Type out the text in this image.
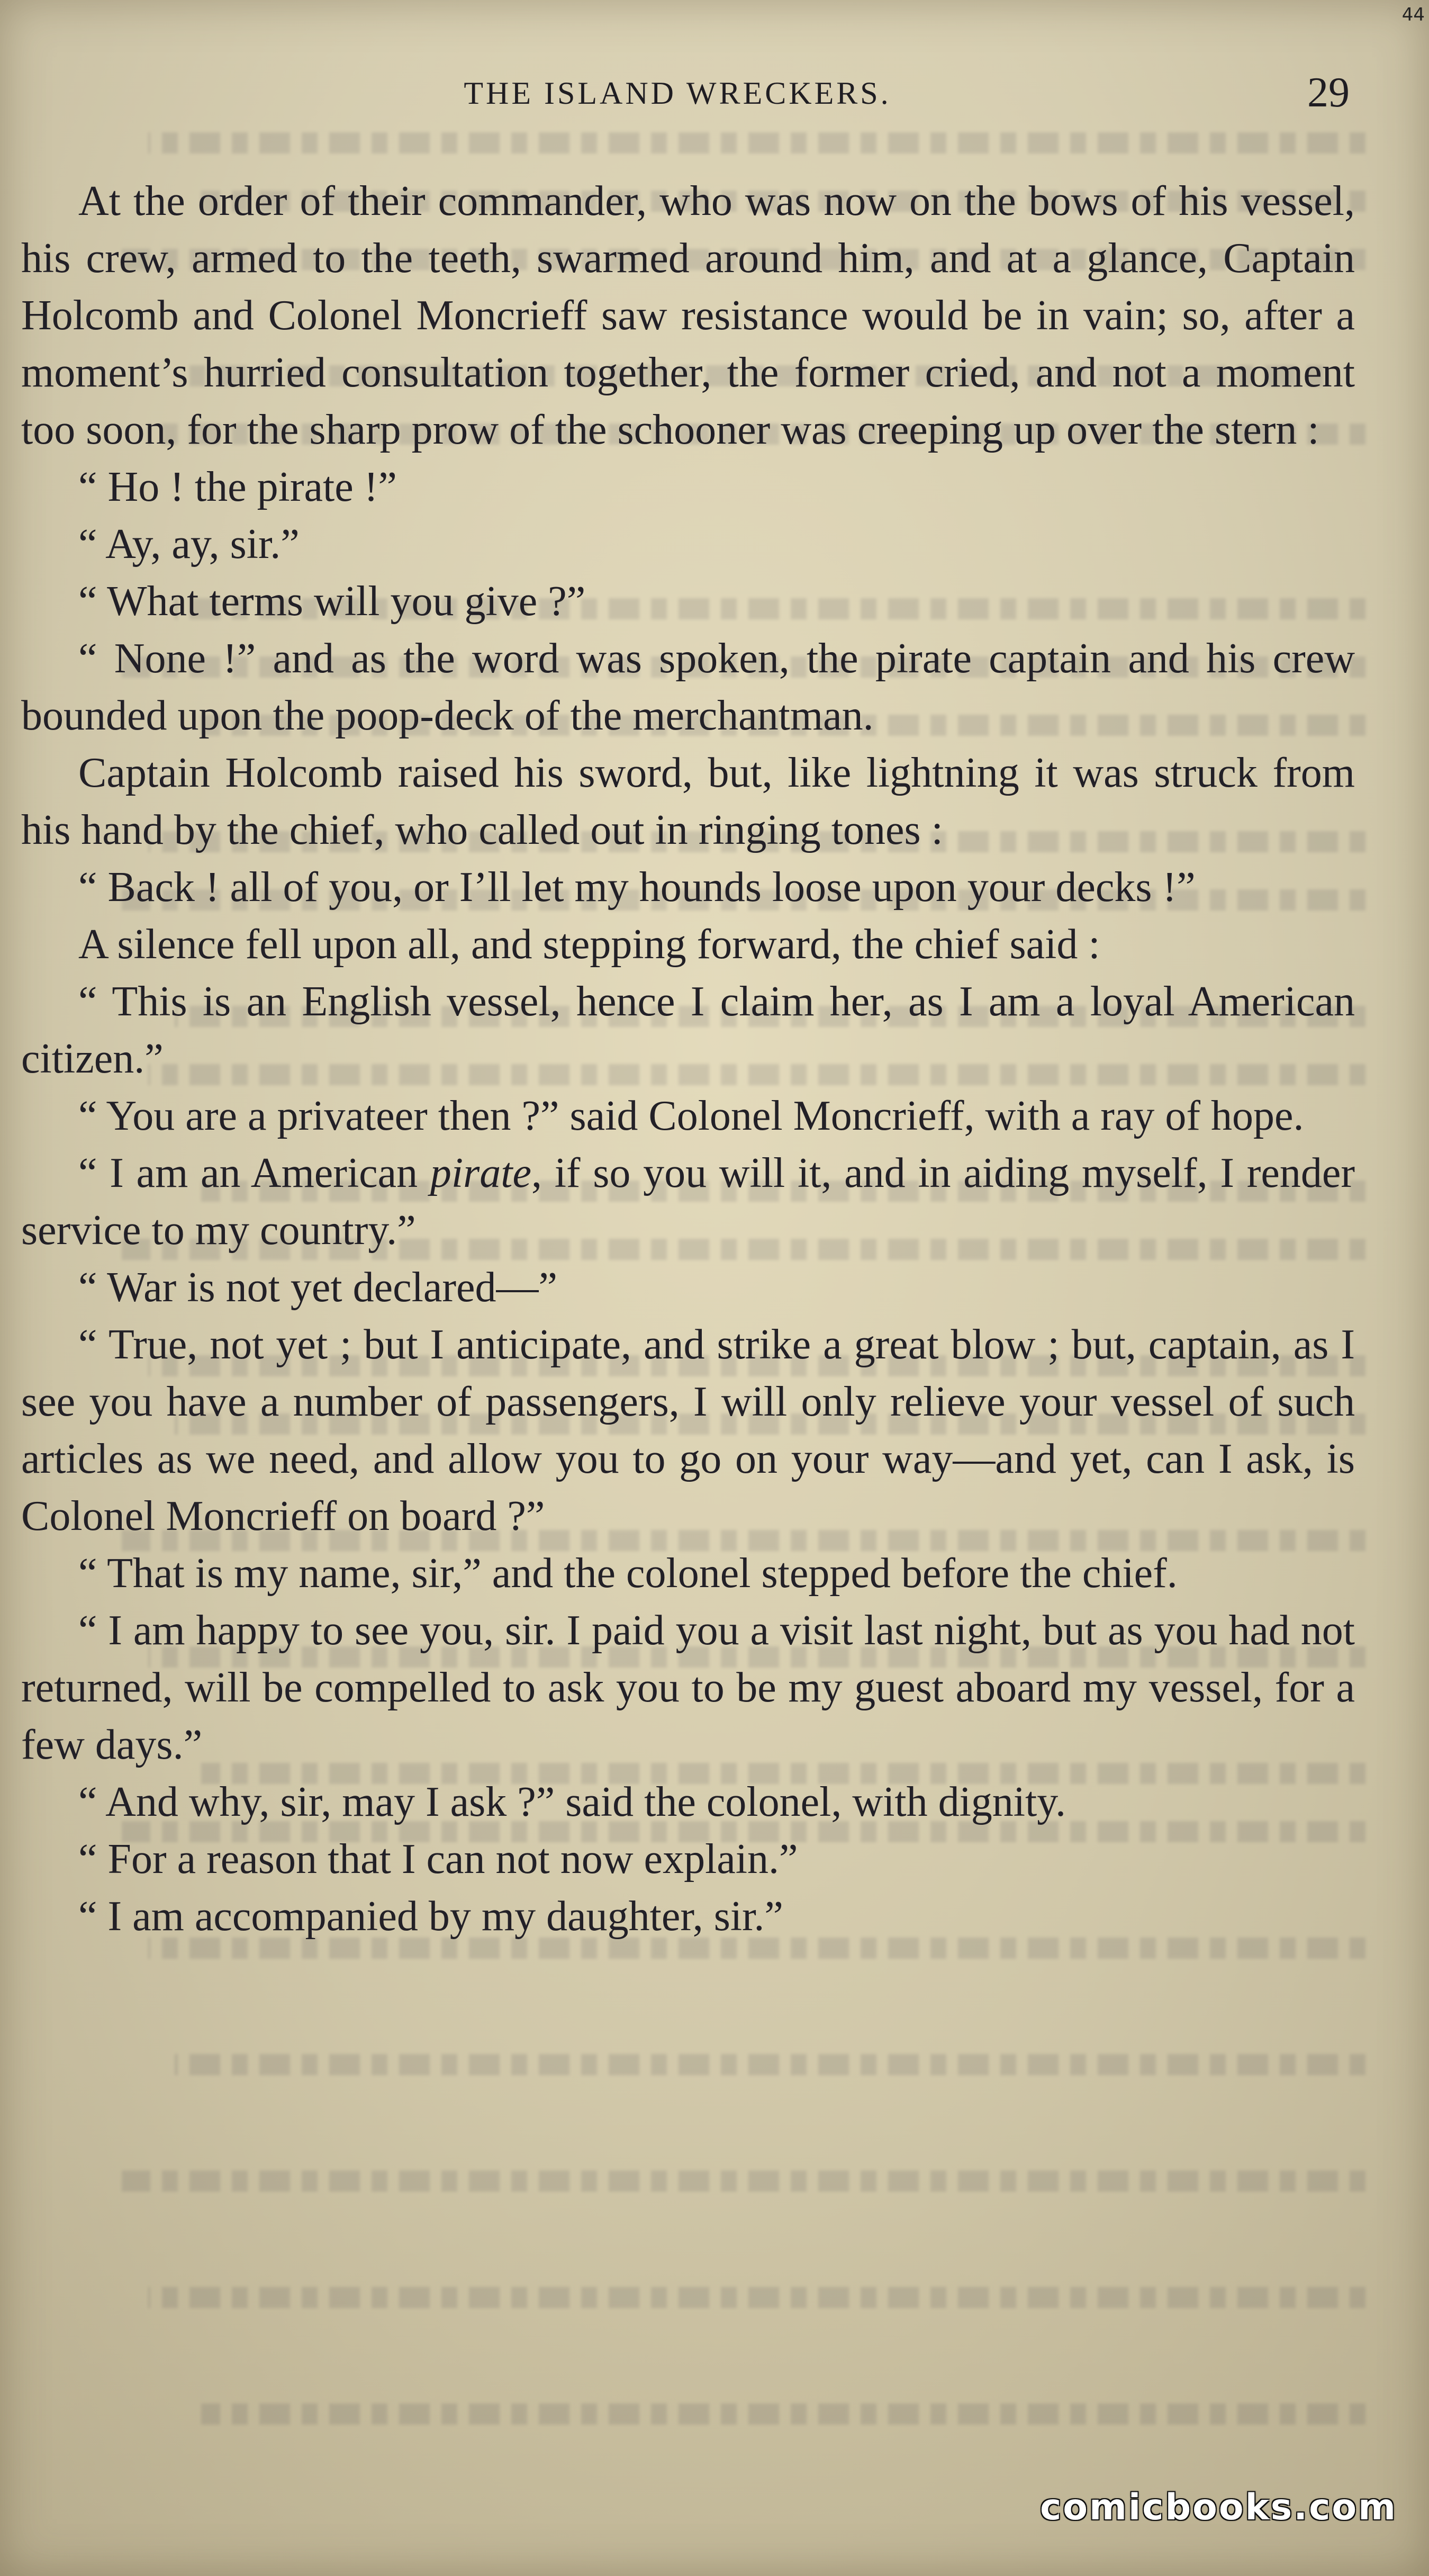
THE ISLAND WRECKERS.	29

At the order of their commander, who was now on the bows of his vessel, his crew, armed to the teeth, swarmed around him, and at a glance, Captain Holcomb and Colonel Moncrieff saw resistance would be in vain; so, after a moment’s hurried consultation together, the former cried, and not a moment too soon, for the sharp prow of the schooner was creeping up over the stern :

“ Ho ! the pirate !”

“ Ay, ay, sir.”

“ What terms will you give ?”

“ None !” and as the word was spoken, the pirate captain and his crew bounded upon the poop-deck of the merchantman.

Captain Holcomb raised his sword, but, like lightning it was struck from his hand by the chief, who called out in ringing tones :

“ Back ! all of you, or I’ll let my hounds loose upon your decks !”

A silence fell upon all, and stepping forward, the chief said :

“ This is an English vessel, hence I claim her, as I am a loyal American citizen.”

“ You are a privateer then ?” said Colonel Moncrieff, with a ray of hope.

“ I am an American pirate, if so you will it, and in aiding myself, I render service to my country.”

“ War is not yet declared—”

“ True, not yet ; but I anticipate, and strike a great blow ; but, captain, as I see you have a number of passengers, I will only relieve your vessel of such articles as we need, and allow you to go on your way—and yet, can I ask, is Colonel Moncrieff on board ?”

“ That is my name, sir,” and the colonel stepped before the chief.

“ I am happy to see you, sir. I paid you a visit last night, but as you had not returned, will be compelled to ask you to be my guest aboard my vessel, for a few days.”

“ And why, sir, may I ask ?” said the colonel, with dignity.

“ For a reason that I can not now explain.”

“ I am accompanied by my daughter, sir.”

44
comicbooks.com
